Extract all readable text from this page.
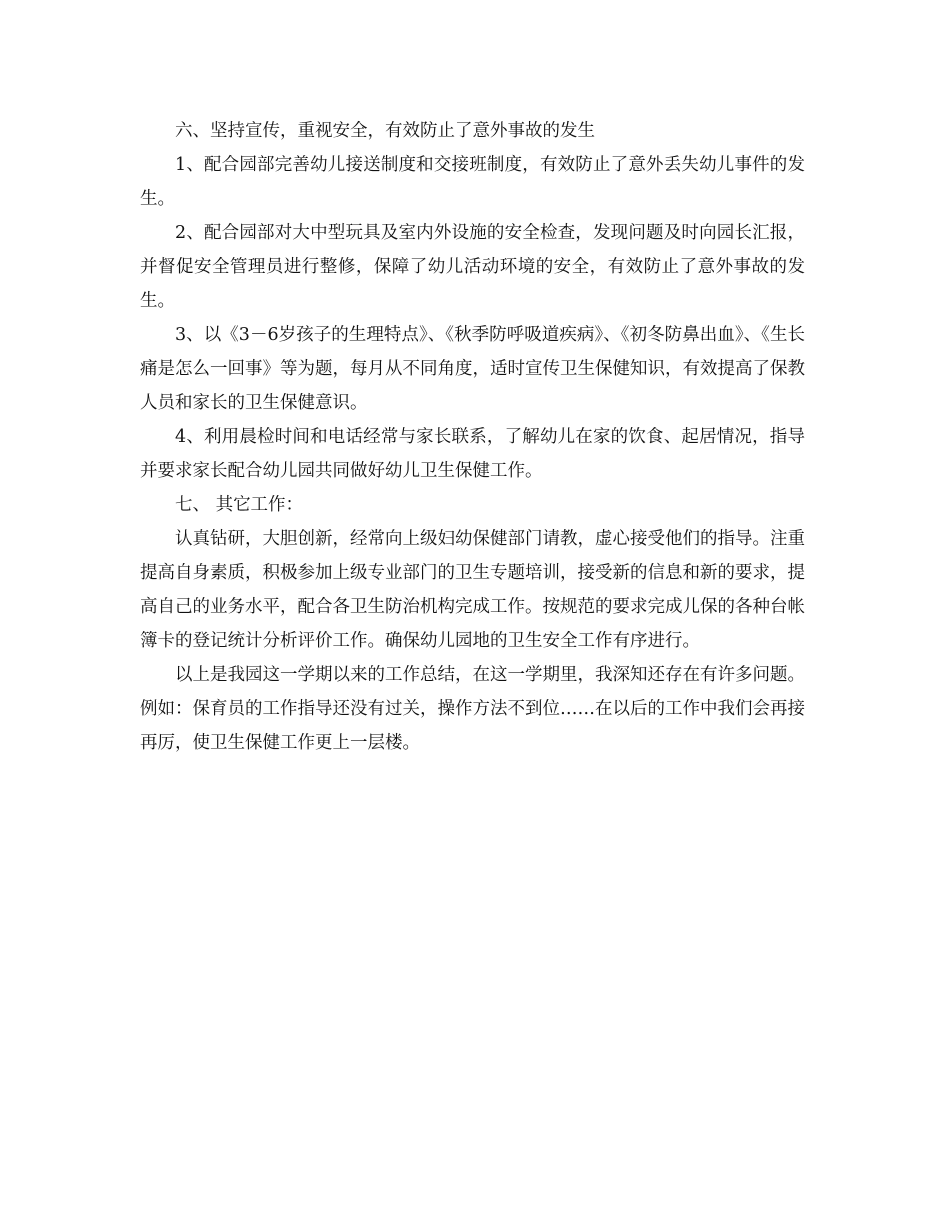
六、坚持宣传，重视安全，有效防止了意外事故的发生

1、配合园部完善幼儿接送制度和交接班制度，有效防止了意外丢失幼儿事件的发生。

2、配合园部对大中型玩具及室内外设施的安全检查，发现问题及时向园长汇报，并督促安全管理员进行整修，保障了幼儿活动环境的安全，有效防止了意外事故的发生。

3、以《3－6岁孩子的生理特点》、《秋季防呼吸道疾病》、《初冬防鼻出血》、《生长痛是怎么一回事》等为题，每月从不同角度，适时宣传卫生保健知识，有效提高了保教人员和家长的卫生保健意识。

4、利用晨检时间和电话经常与家长联系，了解幼儿在家的饮食、起居情况，指导并要求家长配合幼儿园共同做好幼儿卫生保健工作。

七、 其它工作：

认真钻研，大胆创新，经常向上级妇幼保健部门请教，虚心接受他们的指导。注重提高自身素质，积极参加上级专业部门的卫生专题培训，接受新的信息和新的要求，提高自己的业务水平，配合各卫生防治机构完成工作。按规范的要求完成儿保的各种台帐簿卡的登记统计分析评价工作。确保幼儿园地的卫生安全工作有序进行。

以上是我园这一学期以来的工作总结，在这一学期里，我深知还存在有许多问题。例如：保育员的工作指导还没有过关，操作方法不到位……在以后的工作中我们会再接再厉，使卫生保健工作更上一层楼。
